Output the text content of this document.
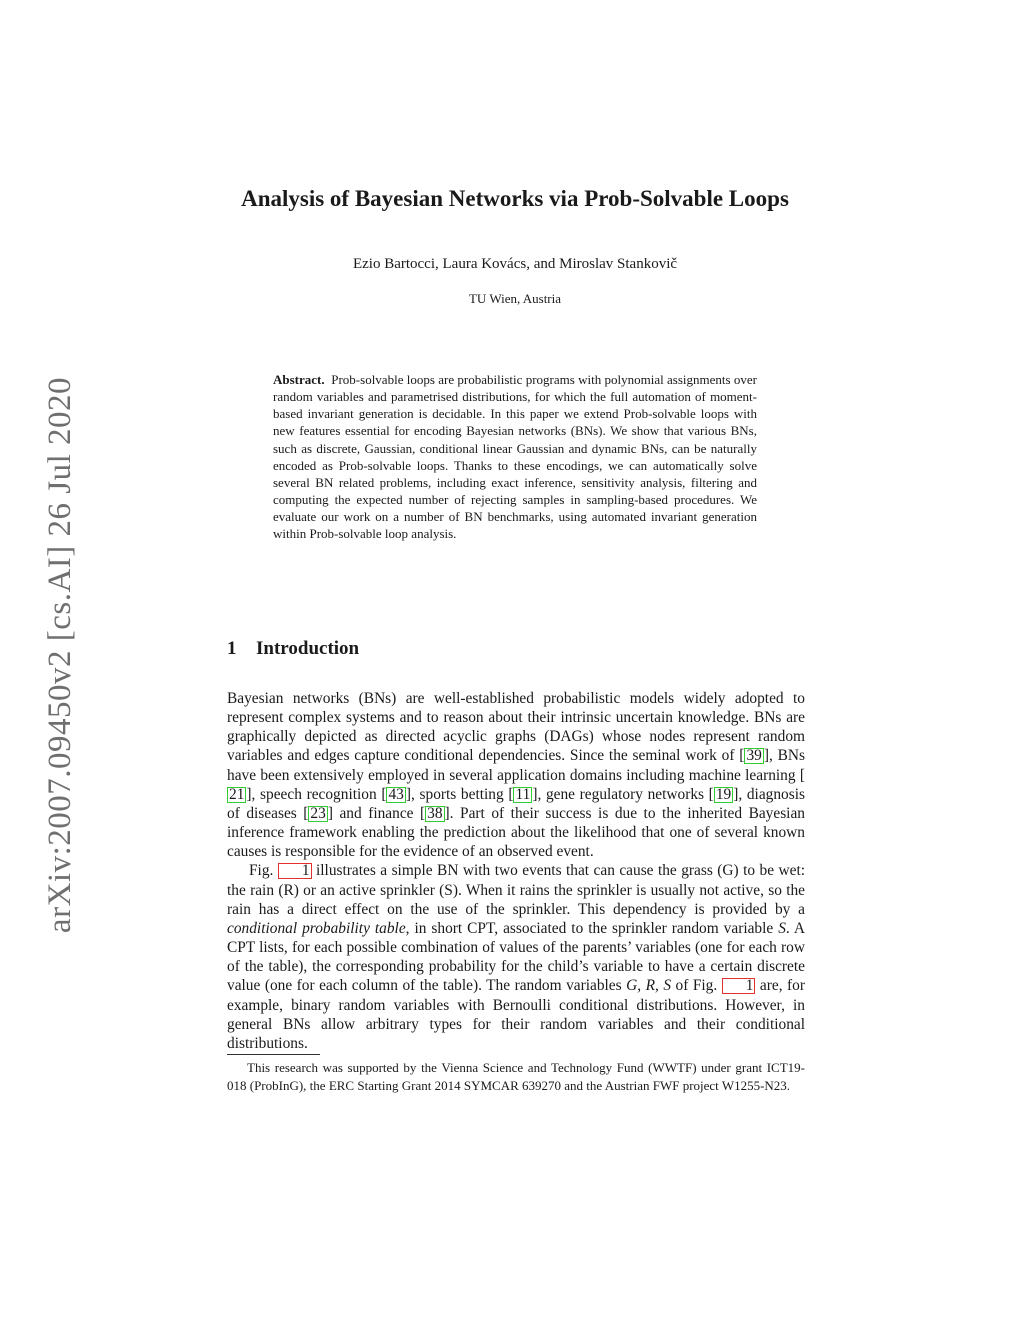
arXiv:2007.09450v2 [cs.AI] 26 Jul 2020
Analysis of Bayesian Networks via Prob-Solvable Loops
Ezio Bartocci, Laura Kovács, and Miroslav Stankovič
TU Wien, Austria

Abstract. Prob-solvable loops are probabilistic programs with polynomial assignments over random variables and parametrised distributions, for which the full automation of moment-based invariant generation is decidable. In this paper we extend Prob-solvable loops with new features essential for encoding Bayesian networks (BNs). We show that various BNs, such as discrete, Gaussian, conditional linear Gaussian and dynamic BNs, can be naturally encoded as Prob-solvable loops. Thanks to these encodings, we can automatically solve several BN related problems, including exact inference, sensitivity analysis, filtering and computing the expected number of rejecting samples in sampling-based procedures. We evaluate our work on a number of BN benchmarks, using automated invariant generation within Prob-solvable loop analysis.

1 Introduction

Bayesian networks (BNs) are well-established probabilistic models widely adopted to represent complex systems and to reason about their intrinsic uncertain knowledge. BNs are graphically depicted as directed acyclic graphs (DAGs) whose nodes represent random variables and edges capture conditional dependencies. Since the seminal work of [ 39 ], BNs have been extensively employed in several application domains including machine learning [21 ], speech recognition [ 43 ], sports betting [ 11 ], gene regulatory networks [ 19 ], diagnosis of diseases [ 23 ] and finance [ 38 ]. Part of their success is due to the inherited Bayesian inference framework enabling the prediction about the likelihood that one of several known causes is responsible for the evidence of an observed event.

Fig. 1 illustrates a simple BN with two events that can cause the grass (G) to be wet: the rain (R) or an active sprinkler (S). When it rains the sprinkler is usually not active, so the rain has a direct effect on the use of the sprinkler. This dependency is provided by a conditional probability table, in short CPT, associated to the sprinkler random variable S. A CPT lists, for each possible combination of values of the parents’ variables (one for each row of the table), the corresponding probability for the child’s variable to have a certain discrete value (one for each column of the table). The random variables G, R, S of Fig. 1 are, for example, binary random variables with Bernoulli conditional distributions. However, in general BNs allow arbitrary types for their random variables and their conditional distributions.

This research was supported by the Vienna Science and Technology Fund (WWTF) under grant ICT19-018 (ProbInG), the ERC Starting Grant 2014 SYMCAR 639270 and the Austrian FWF project W1255-N23.
